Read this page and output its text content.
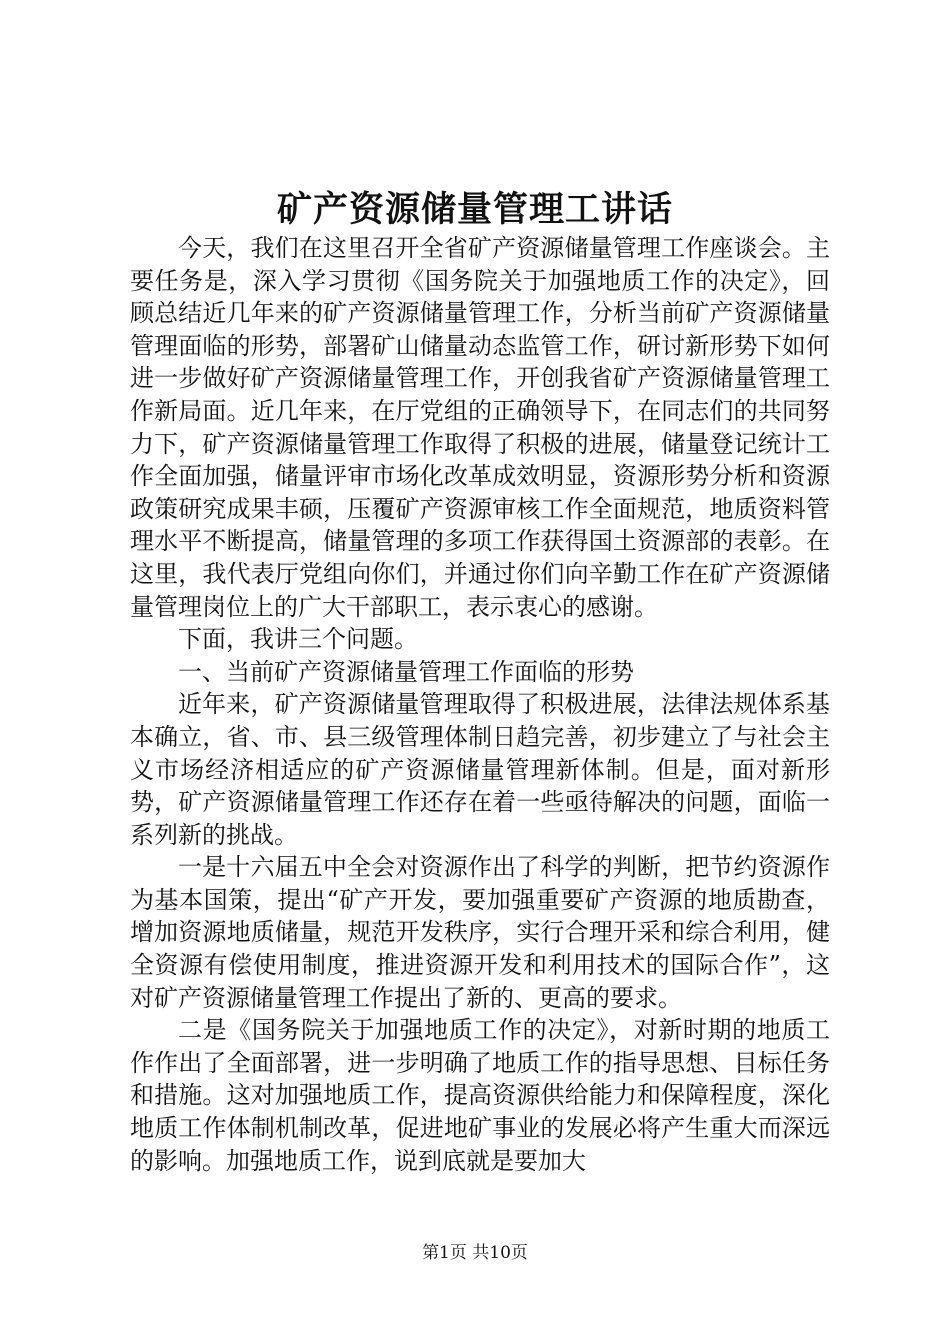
矿产资源储量管理工讲话

今天，我们在这里召开全省矿产资源储量管理工作座谈会。主要任务是，深入学习贯彻《国务院关于加强地质工作的决定》，回顾总结近几年来的矿产资源储量管理工作，分析当前矿产资源储量管理面临的形势，部署矿山储量动态监管工作，研讨新形势下如何进一步做好矿产资源储量管理工作，开创我省矿产资源储量管理工作新局面。近几年来，在厅党组的正确领导下，在同志们的共同努力下，矿产资源储量管理工作取得了积极的进展，储量登记统计工作全面加强，储量评审市场化改革成效明显，资源形势分析和资源政策研究成果丰硕，压覆矿产资源审核工作全面规范，地质资料管理水平不断提高，储量管理的多项工作获得国土资源部的表彰。在这里，我代表厅党组向你们，并通过你们向辛勤工作在矿产资源储量管理岗位上的广大干部职工，表示衷心的感谢。

下面，我讲三个问题。

一、当前矿产资源储量管理工作面临的形势

近年来，矿产资源储量管理取得了积极进展，法律法规体系基本确立，省、市、县三级管理体制日趋完善，初步建立了与社会主义市场经济相适应的矿产资源储量管理新体制。但是，面对新形势，矿产资源储量管理工作还存在着一些亟待解决的问题，面临一系列新的挑战。

一是十六届五中全会对资源作出了科学的判断，把节约资源作为基本国策，提出“矿产开发，要加强重要矿产资源的地质勘查，增加资源地质储量，规范开发秩序，实行合理开采和综合利用，健全资源有偿使用制度，推进资源开发和利用技术的国际合作”，这对矿产资源储量管理工作提出了新的、更高的要求。

二是《国务院关于加强地质工作的决定》，对新时期的地质工作作出了全面部署，进一步明确了地质工作的指导思想、目标任务和措施。这对加强地质工作，提高资源供给能力和保障程度，深化地质工作体制机制改革，促进地矿事业的发展必将产生重大而深远的影响。加强地质工作，说到底就是要加大

第1页 共10页
